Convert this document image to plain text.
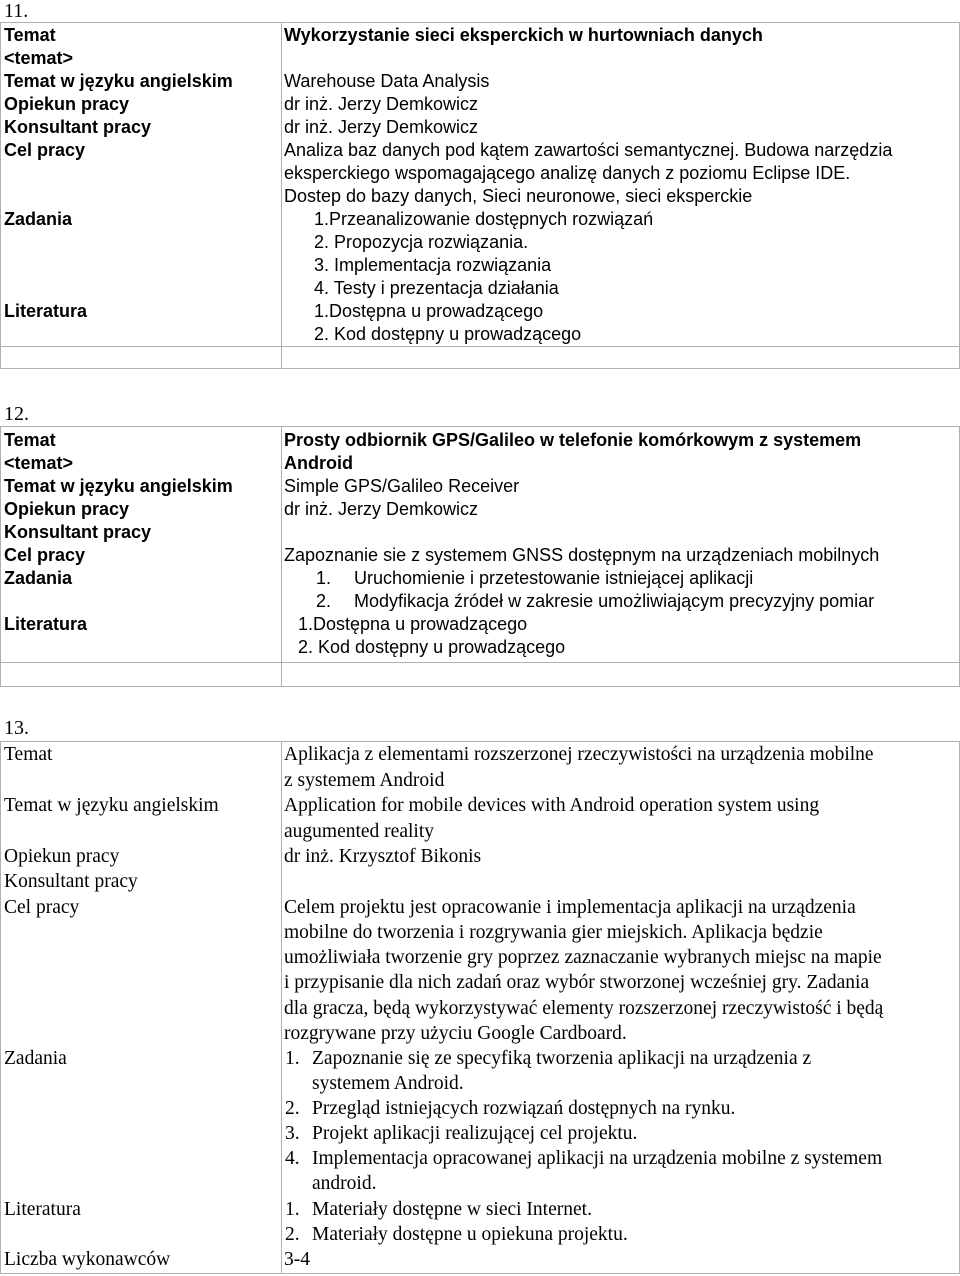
11.
Temat
<temat>
Temat w języku angielskim
Opiekun pracy
Konsultant pracy
Cel pracy
Zadania
Literatura
Wykorzystanie sieci eksperckich w hurtowniach danych
Warehouse Data Analysis
dr inż. Jerzy Demkowicz
dr inż. Jerzy Demkowicz
Analiza baz danych pod kątem zawartości semantycznej. Budowa narzędzia
eksperckiego wspomagającego analizę danych z poziomu Eclipse IDE.
Dostep do bazy danych, Sieci neuronowe, sieci eksperckie
1.Przeanalizowanie dostępnych rozwiązań
2. Propozycja rozwiązania.
3. Implementacja rozwiązania
4. Testy i prezentacja działania
1.Dostępna u prowadzącego
2. Kod dostępny u prowadzącego
12.
Temat
<temat>
Temat w języku angielskim
Opiekun pracy
Konsultant pracy
Cel pracy
Zadania
Literatura
Prosty odbiornik GPS/Galileo w telefonie komórkowym z systemem
Android
Simple GPS/Galileo Receiver
dr inż. Jerzy Demkowicz
Zapoznanie sie z systemem GNSS dostępnym na urządzeniach mobilnych
1. Uruchomienie i przetestowanie istniejącej aplikacji
2. Modyfikacja źródeł w zakresie umożliwiającym precyzyjny pomiar
1.Dostępna u prowadzącego
2. Kod dostępny u prowadzącego
13.
Temat
Temat w języku angielskim
Opiekun pracy
Konsultant pracy
Cel pracy
Zadania
Literatura
Liczba wykonawców
Aplikacja z elementami rozszerzonej rzeczywistości na urządzenia mobilne
z systemem Android
Application for mobile devices with Android operation system using
augumented reality
dr inż. Krzysztof Bikonis
Celem projektu jest opracowanie i implementacja aplikacji na urządzenia
mobilne do tworzenia i rozgrywania gier miejskich. Aplikacja będzie
umożliwiała tworzenie gry poprzez zaznaczanie wybranych miejsc na mapie
i przypisanie dla nich zadań oraz wybór stworzonej wcześniej gry. Zadania
dla gracza, będą wykorzystywać elementy rozszerzonej rzeczywistość i będą
rozgrywane przy użyciu Google Cardboard.
1. Zapoznanie się ze specyfiką tworzenia aplikacji na urządzenia z
systemem Android.
2. Przegląd istniejących rozwiązań dostępnych na rynku.
3. Projekt aplikacji realizującej cel projektu.
4. Implementacja opracowanej aplikacji na urządzenia mobilne z systemem
android.
1. Materiały dostępne w sieci Internet.
2. Materiały dostępne u opiekuna projektu.
3-4
